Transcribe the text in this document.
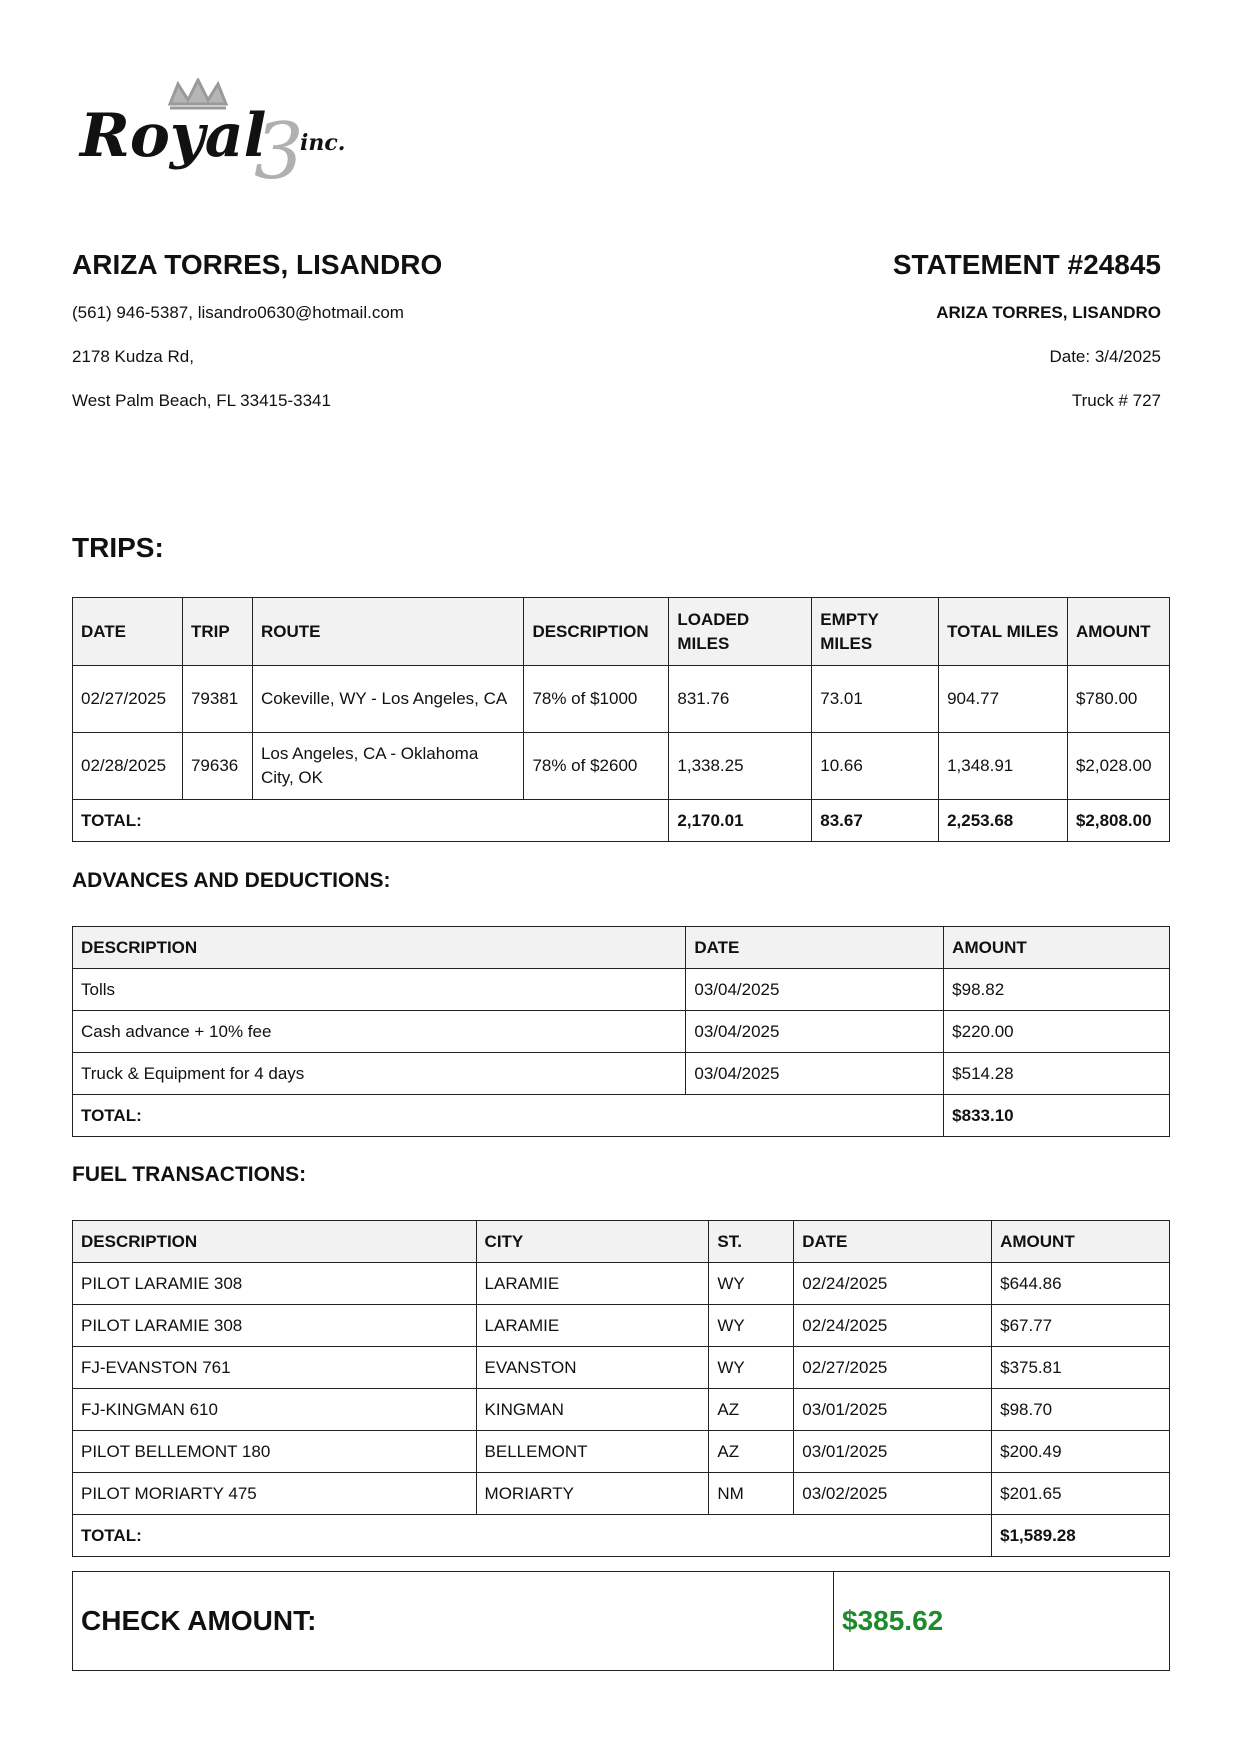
Royal
3
inc.
ARIZA TORRES, LISANDRO
(561) 946-5387, lisandro0630@hotmail.com
2178 Kudza Rd,
West Palm Beach, FL 33415-3341
STATEMENT #24845
ARIZA TORRES, LISANDRO
Date: 3/4/2025
Truck # 727
TRIPS:
DATE	TRIP	ROUTE	DESCRIPTION	LOADED MILES	EMPTY MILES	TOTAL MILES	AMOUNT
02/27/2025	79381	Cokeville, WY - Los Angeles, CA	78% of $1000	831.76	73.01	904.77	$780.00
02/28/2025	79636	Los Angeles, CA - Oklahoma City, OK	78% of $2600	1,338.25	10.66	1,348.91	$2,028.00
TOTAL:				2,170.01	83.67	2,253.68	$2,808.00
ADVANCES AND DEDUCTIONS:
DESCRIPTION	DATE	AMOUNT
Tolls	03/04/2025	$98.82
Cash advance + 10% fee	03/04/2025	$220.00
Truck & Equipment for 4 days	03/04/2025	$514.28
TOTAL:		$833.10
FUEL TRANSACTIONS:
DESCRIPTION	CITY	ST.	DATE	AMOUNT
PILOT LARAMIE 308	LARAMIE	WY	02/24/2025	$644.86
PILOT LARAMIE 308	LARAMIE	WY	02/24/2025	$67.77
FJ-EVANSTON 761	EVANSTON	WY	02/27/2025	$375.81
FJ-KINGMAN 610	KINGMAN	AZ	03/01/2025	$98.70
PILOT BELLEMONT 180	BELLEMONT	AZ	03/01/2025	$200.49
PILOT MORIARTY 475	MORIARTY	NM	03/02/2025	$201.65
TOTAL:				$1,589.28
CHECK AMOUNT:	$385.62
